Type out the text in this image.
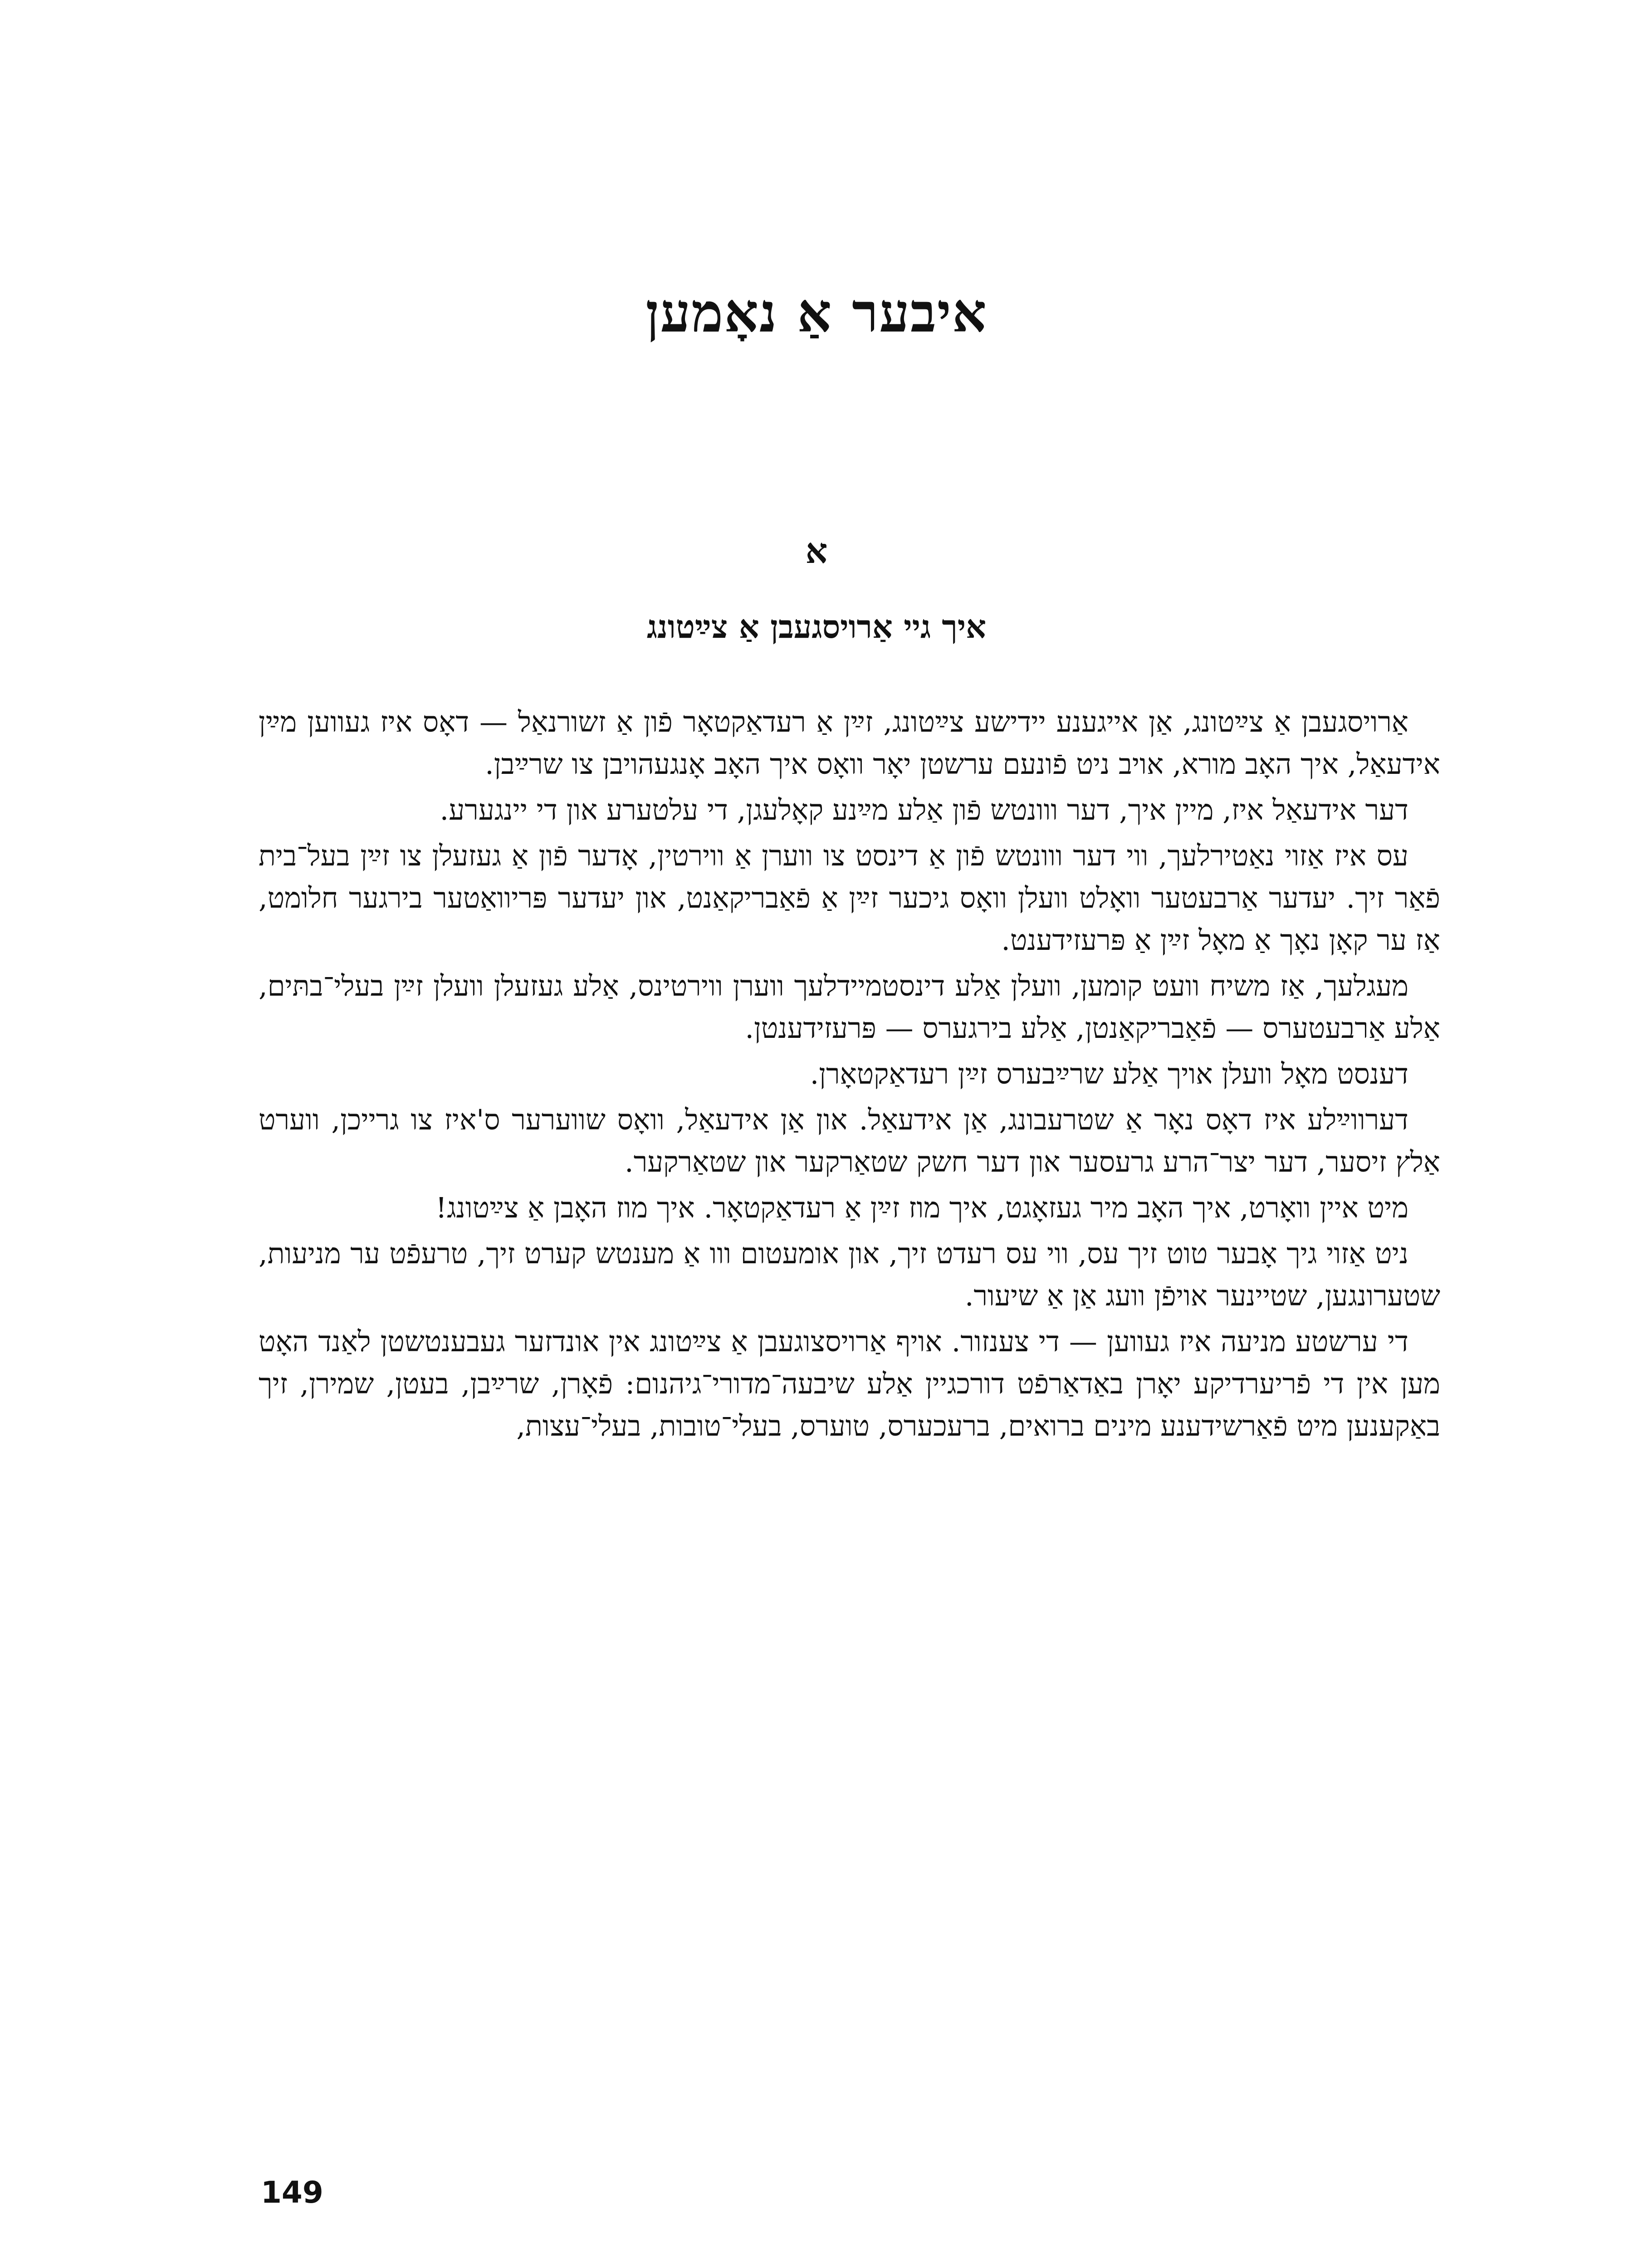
איבער אַ נאָמען
א
איך גיי אַרויסגעבן אַ צײַטונג

אַרויסגעבן אַ צײַטונג, אַן אייגענע יידישע צײַטונג, זײַן אַ רעדאַקטאָר פֿון אַ זשורנאַל — דאָס איז געווען מײַן אידעאַל, איך האָב מורא, אויב ניט פֿונעם ערשטן יאָר וואָס איך האָב אָנגעהויבן צו שרײַבן.

דער אידעאַל איז, מיין איך, דער ווונטש פֿון אַלע מײַנע קאָלעגן, די עלטערע און די יינגערע.

עס איז אַזוי נאַטירלעך, ווי דער ווונטש פֿון אַ דינסט צו ווערן אַ ווירטין, אָדער פֿון אַ געזעלן צו זײַן בעל־בית פֿאַר זיך. יעדער אַרבעטער וואָלט וועלן וואָס גיכער זײַן אַ פֿאַבריקאַנט, און יעדער פּריוואַטער בירגער חלומט, אַז ער קאָן נאָך אַ מאָל זײַן אַ פּרעזידענט.

מעגלעך, אַז משיח וועט קומען, וועלן אַלע דינסטמיידלעך ווערן ווירטינס, אַלע געזעלן וועלן זײַן בעלי־בתּים, אַלע אַרבעטערס — פֿאַבריקאַנטן, אַלע בירגערס — פּרעזידענטן.

דענסט מאָל וועלן אויך אַלע שרײַבערס זײַן רעדאַקטאָרן.

דערווײַלע איז דאָס נאָר אַ שטרעבונג, אַן אידעאַל. און אַן אידעאַל, וואָס שווערער ס'איז צו גרייכן, ווערט אַלץ זיסער, דער יצר־הרע גרעסער און דער חשק שטאַרקער און שטאַרקער.

מיט איין וואָרט, איך האָב מיר געזאָגט, איך מוז זײַן אַ רעדאַקטאָר. איך מוז האָבן אַ צײַטונג!

ניט אַזוי גיך אָבער טוט זיך עס, ווי עס רעדט זיך, און אומעטום ווו אַ מענטש קערט זיך, טרעפֿט ער מניעות, שטערונגען, שטיינער אויפֿן וועג אַן אַ שיעור.

די ערשטע מניעה איז געווען — די צענזור. אויף אַרויסצוגעבן אַ צײַטונג אין אונדזער געבענטשטן לאַנד האָט מען אין די פֿריערדיקע יאָרן באַדאַרפֿט דורכגיין אַלע שיבעה־מדורי־גיהנום: פֿאָרן, שרײַבן, בעטן, שמירן, זיך באַקענען מיט פֿאַרשידענע מינים ברואים, ברעכערס, טוערס, בעלי־טובות, בעלי־עצות,

149
